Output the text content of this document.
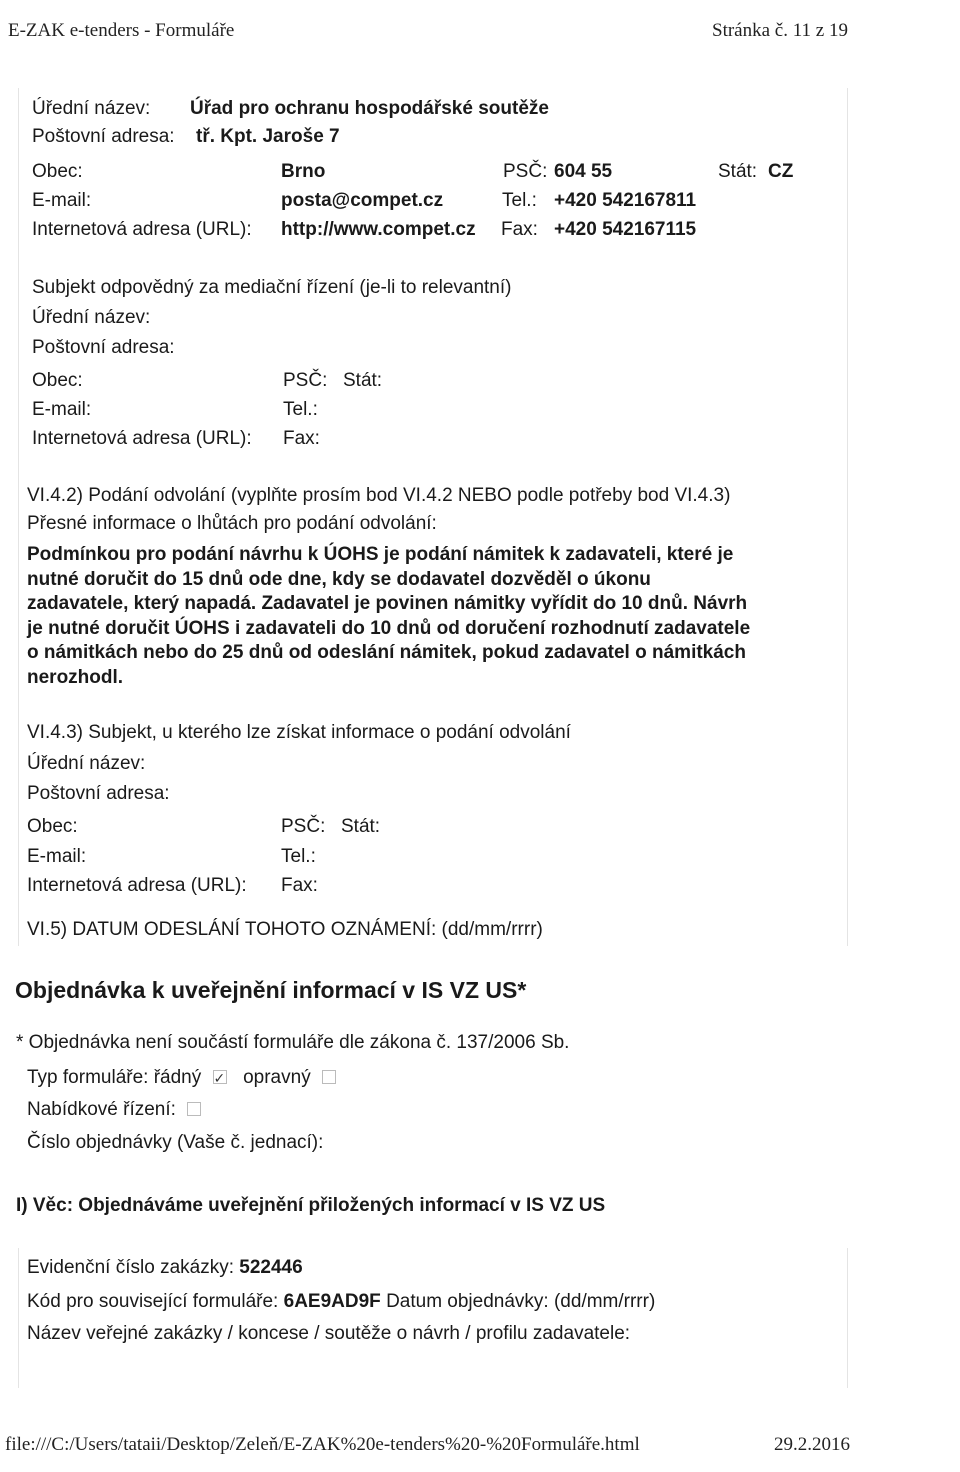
E-ZAK e-tenders - Formuláře	Stránka č. 11 z 19
Úřední název: Úřad pro ochranu hospodářské soutěže
Poštovní adresa: tř. Kpt. Jaroše 7
Obec:	Brno	PSČ: 604 55	Stát: CZ
E-mail:	posta@compet.cz	Tel.: +420 542167811
Internetová adresa (URL): http://www.compet.cz Fax: +420 542167115
Subjekt odpovědný za mediační řízení (je-li to relevantní)
Úřední název:
Poštovní adresa:
Obec:	PSČ: Stát:
E-mail:	Tel.:
Internetová adresa (URL): Fax:
VI.4.2) Podání odvolání (vyplňte prosím bod VI.4.2 NEBO podle potřeby bod VI.4.3)
Přesné informace o lhůtách pro podání odvolání:
Podmínkou pro podání návrhu k ÚOHS je podání námitek k zadavateli, které je
nutné doručit do 15 dnů ode dne, kdy se dodavatel dozvěděl o úkonu
zadavatele, který napadá. Zadavatel je povinen námitky vyřídit do 10 dnů. Návrh
je nutné doručit ÚOHS i zadavateli do 10 dnů od doručení rozhodnutí zadavatele
o námitkách nebo do 25 dnů od odeslání námitek, pokud zadavatel o námitkách
nerozhodl.
VI.4.3) Subjekt, u kterého lze získat informace o podání odvolání
Úřední název:
Poštovní adresa:
Obec:	PSČ: Stát:
E-mail:	Tel.:
Internetová adresa (URL): Fax:
VI.5) DATUM ODESLÁNÍ TOHOTO OZNÁMENÍ: (dd/mm/rrrr)
Objednávka k uveřejnění informací v IS VZ US*
* Objednávka není součástí formuláře dle zákona č. 137/2006 Sb.
Typ formuláře: řádný ✓ opravný
Nabídkové řízení:
Číslo objednávky (Vaše č. jednací):
I) Věc: Objednáváme uveřejnění přiložených informací v IS VZ US
Evidenční číslo zakázky: 522446
Kód pro související formuláře: 6AE9AD9F Datum objednávky: (dd/mm/rrrr)
Název veřejné zakázky / koncese / soutěže o návrh / profilu zadavatele:
file:///C:/Users/tataii/Desktop/Zeleň/E-ZAK%20e-tenders%20-%20Formuláře.html	29.2.2016
